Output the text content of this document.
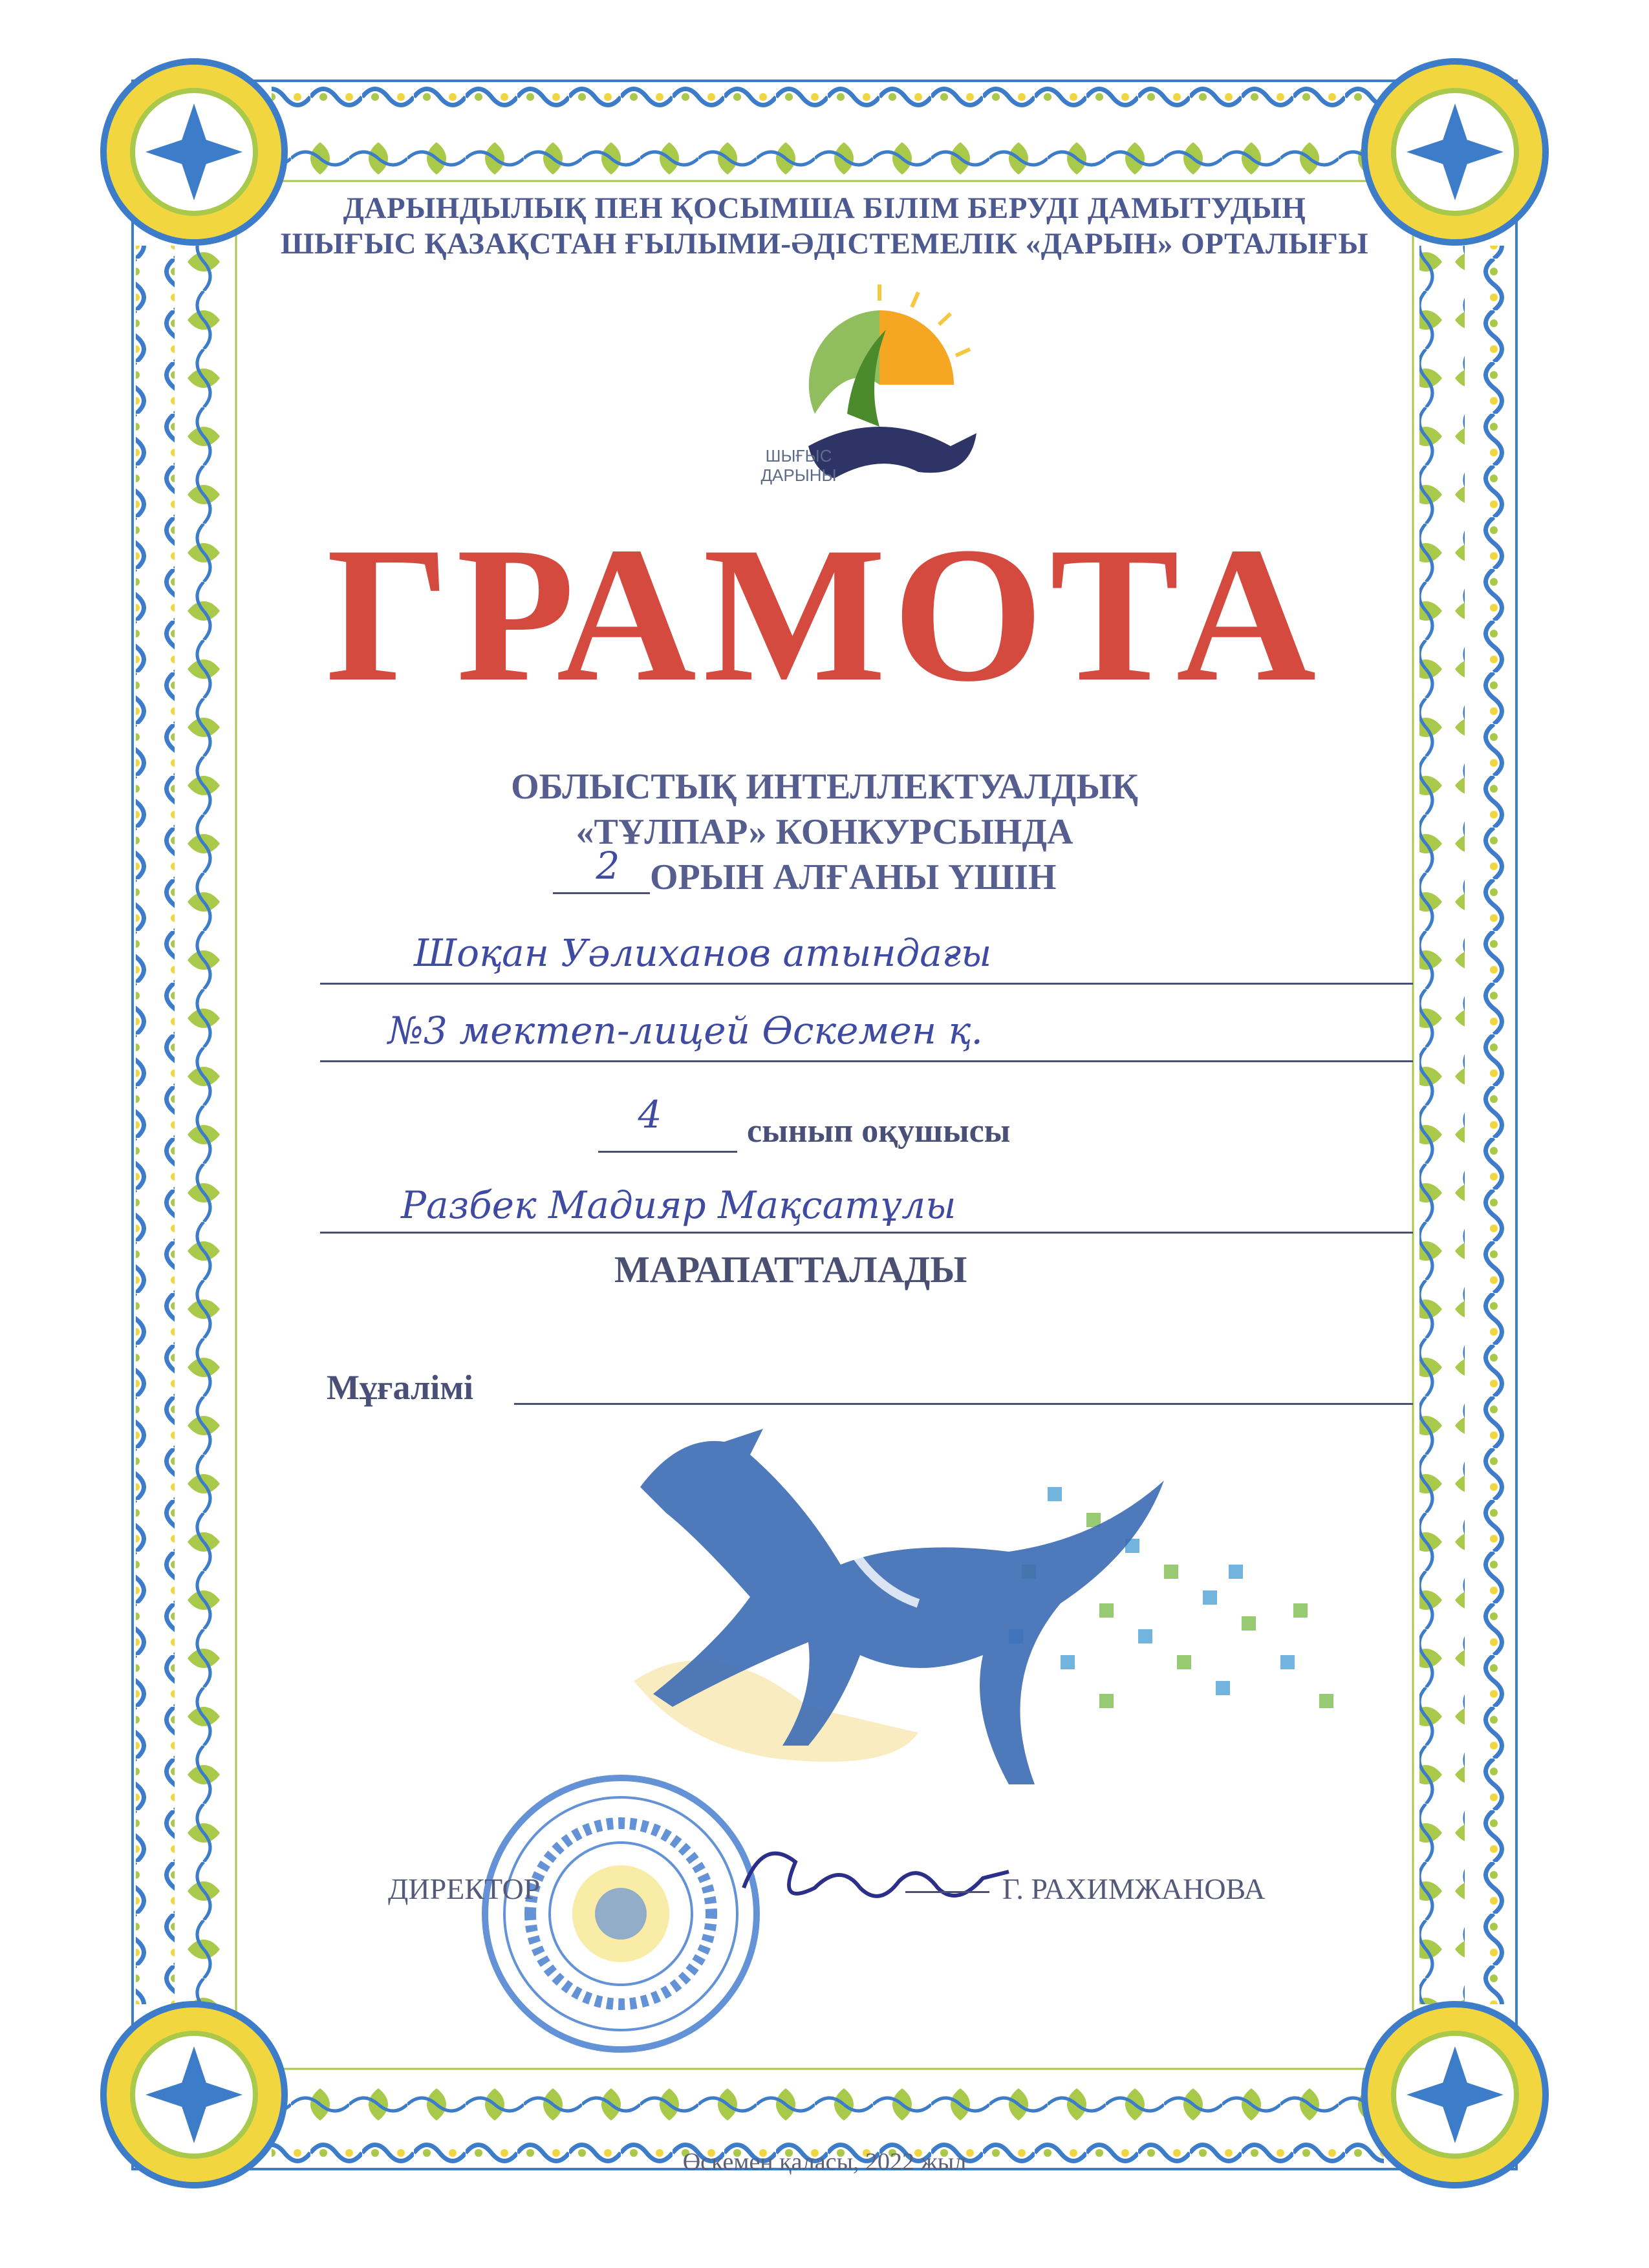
ШЫҒЫС
ДАРЫНЫ
ДАРЫНДЫЛЫҚ ПЕН ҚОСЫМША БІЛІМ БЕРУДІ ДАМЫТУДЫҢ
ШЫҒЫС ҚАЗАҚСТАН ҒЫЛЫМИ-ӘДІСТЕМЕЛІК «ДАРЫН» ОРТАЛЫҒЫ
ГРАМОТА
ОБЛЫСТЫҚ ИНТЕЛЛЕКТУАЛДЫҚ
«ТҰЛПАР» КОНКУРСЫНДА
2 ОРЫН АЛҒАНЫ ҮШІН
Шоқан Уәлиханов атындағы
№3 мектеп-лицей Өскемен қ.
4	сынып оқушысы
Разбек Мадияр Мақсатұлы
МАРАПАТТАЛАДЫ
Мұғалімі
ДИРЕКТОР	Г. РАХИМЖАНОВА
Өскемен қаласы, 2022 жыл
